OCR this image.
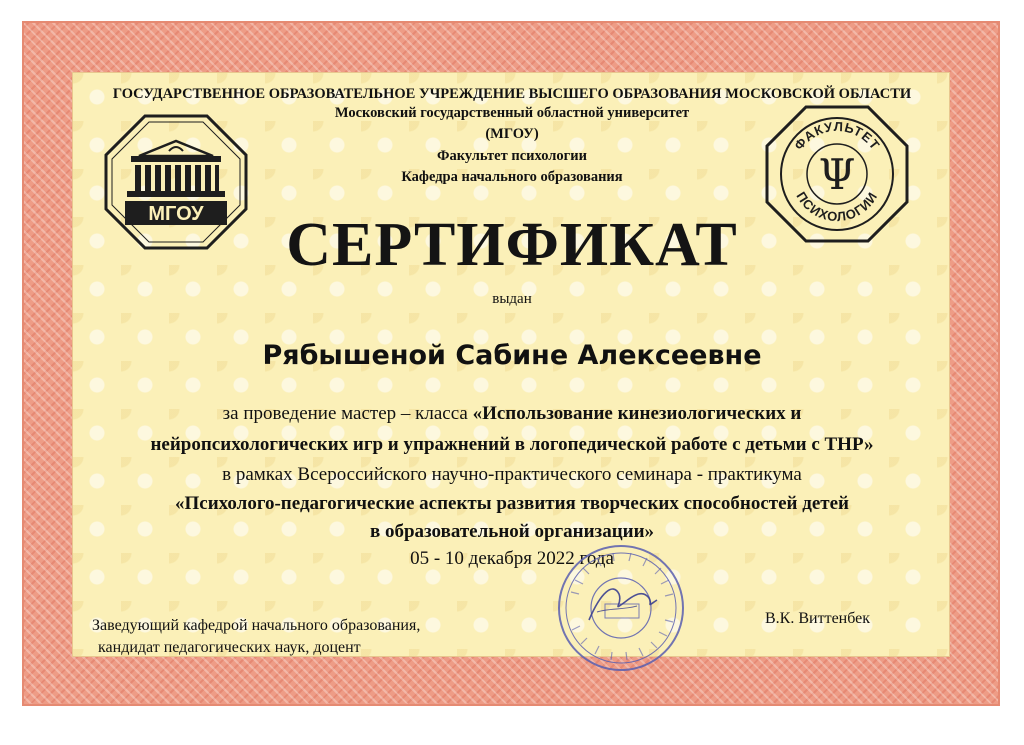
ГОСУДАРСТВЕННОЕ ОБРАЗОВАТЕЛЬНОЕ УЧРЕЖДЕНИЕ ВЫСШЕГО ОБРАЗОВАНИЯ МОСКОВСКОЙ ОБЛАСТИ
Московский государственный областной университет
(МГОУ)
Факультет психологии
Кафедра начального образования
МГОУ
ФАКУЛЬТЕТ
ПСИХОЛОГИИ
Ψ
СЕРТИФИКАТ
выдан
Рябышеной Сабине Алексеевне
за проведение мастер – класса «Использование кинезиологических и
нейропсихологических игр и упражнений в логопедической работе с детьми с ТНР»
в рамках Всероссийского научно-практического семинара - практикума
«Психолого-педагогические аспекты развития творческих способностей детей
в образовательной организации»
05 - 10 декабря 2022 года
Заведующий кафедрой начального образования,
кандидат педагогических наук, доцент
В.К. Виттенбек
